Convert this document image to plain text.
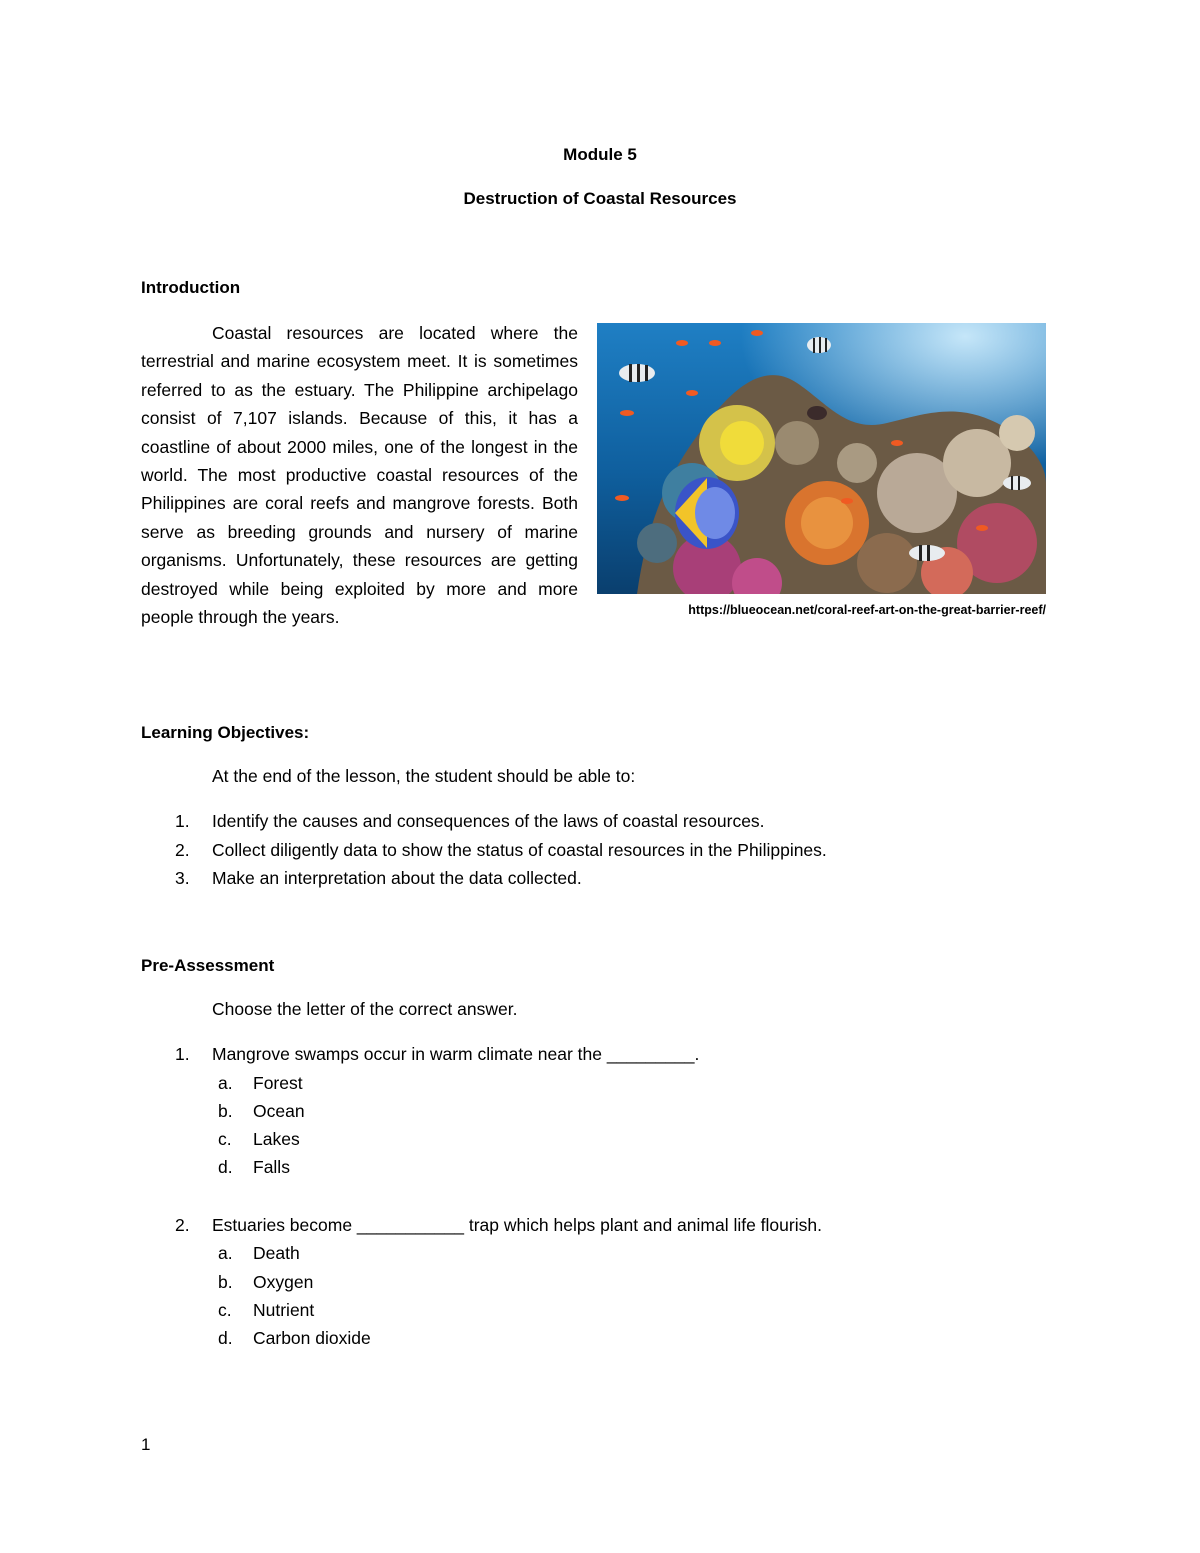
Module 5
Destruction of Coastal Resources
Introduction
Coastal resources are located where the terrestrial and marine ecosystem meet. It is sometimes referred to as the estuary. The Philippine archipelago consist of 7,107 islands. Because of this, it has a coastline of about 2000 miles, one of the longest in the world. The most productive coastal resources of the Philippines are coral reefs and mangrove forests. Both serve as breeding grounds and nursery of marine organisms. Unfortunately, these resources are getting destroyed while being exploited by more and more people through the years.	https://blueocean.net/coral-reef-art-on-the-great-barrier-reef/
Learning Objectives:
At the end of the lesson, the student should be able to:
1. Identify the causes and consequences of the laws of coastal resources.
2. Collect diligently data to show the status of coastal resources in the Philippines.
3. Make an interpretation about the data collected.
Pre-Assessment
Choose the letter of the correct answer.
1. Mangrove swamps occur in warm climate near the _________.
a. Forest
b. Ocean
c. Lakes
d. Falls
2. Estuaries become ___________ trap which helps plant and animal life flourish.
a. Death
b. Oxygen
c. Nutrient
d. Carbon dioxide
1
